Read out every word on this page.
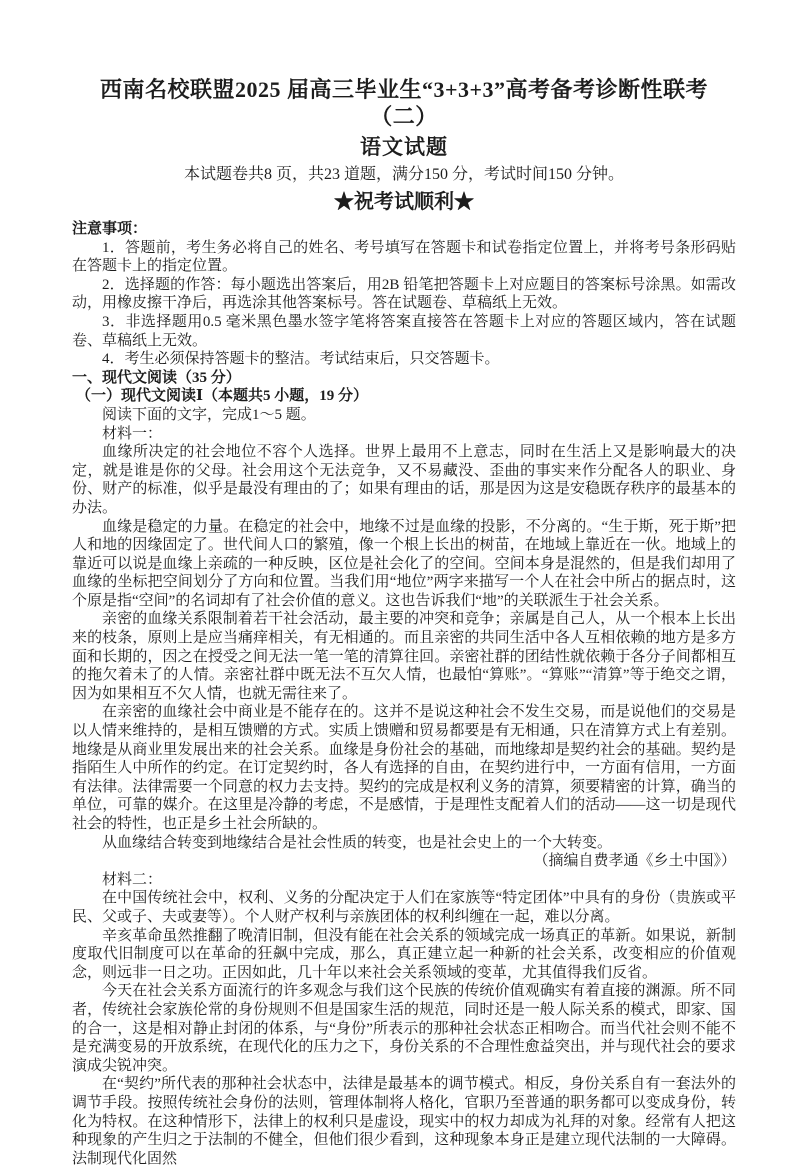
西南名校联盟2025 届高三毕业生“3+3+3”高考备考诊断性联考（二）
语文试题

本试题卷共8 页，共23 道题，满分150 分，考试时间150 分钟。

★祝考试顺利★

注意事项：

1．答题前，考生务必将自己的姓名、考号填写在答题卡和试卷指定位置上，并将考号条形码贴在答题卡上的指定位置。

2．选择题的作答：每小题选出答案后，用2B 铅笔把答题卡上对应题目的答案标号涂黑。如需改动，用橡皮擦干净后，再选涂其他答案标号。答在试题卷、草稿纸上无效。

3．非选择题用0.5 毫米黑色墨水签字笔将答案直接答在答题卡上对应的答题区域内，答在试题卷、草稿纸上无效。

4．考生必须保持答题卡的整洁。考试结束后，只交答题卡。

一、现代文阅读（35 分）

（一）现代文阅读Ⅰ（本题共5 小题，19 分）

阅读下面的文字，完成1～5 题。

材料一：

血缘所决定的社会地位不容个人选择。世界上最用不上意志，同时在生活上又是影响最大的决定，就是谁是你的父母。社会用这个无法竞争，又不易藏没、歪曲的事实来作分配各人的职业、身份、财产的标准，似乎是最没有理由的了；如果有理由的话，那是因为这是安稳既存秩序的最基本的办法。

血缘是稳定的力量。在稳定的社会中，地缘不过是血缘的投影，不分离的。“生于斯，死于斯”把人和地的因缘固定了。世代间人口的繁殖，像一个根上长出的树苗，在地域上靠近在一伙。地域上的靠近可以说是血缘上亲疏的一种反映，区位是社会化了的空间。空间本身是混然的，但是我们却用了血缘的坐标把空间划分了方向和位置。当我们用“地位”两字来描写一个人在社会中所占的据点时，这个原是指“空间”的名词却有了社会价值的意义。这也告诉我们“地”的关联派生于社会关系。

亲密的血缘关系限制着若干社会活动，最主要的冲突和竞争；亲属是自己人，从一个根本上长出来的枝条，原则上是应当痛痒相关，有无相通的。而且亲密的共同生活中各人互相依赖的地方是多方面和长期的，因之在授受之间无法一笔一笔的清算往回。亲密社群的团结性就依赖于各分子间都相互的拖欠着未了的人情。亲密社群中既无法不互欠人情，也最怕“算账”。“算账”“清算”等于绝交之谓，因为如果相互不欠人情，也就无需往来了。

在亲密的血缘社会中商业是不能存在的。这并不是说这种社会不发生交易，而是说他们的交易是以人情来维持的，是相互馈赠的方式。实质上馈赠和贸易都要是有无相通，只在清算方式上有差别。地缘是从商业里发展出来的社会关系。血缘是身份社会的基础，而地缘却是契约社会的基础。契约是指陌生人中所作的约定。在订定契约时，各人有选择的自由，在契约进行中，一方面有信用，一方面有法律。法律需要一个同意的权力去支持。契约的完成是权利义务的清算，须要精密的计算，确当的单位，可靠的媒介。在这里是冷静的考虑，不是感情，于是理性支配着人们的活动——这一切是现代社会的特性，也正是乡土社会所缺的。

从血缘结合转变到地缘结合是社会性质的转变，也是社会史上的一个大转变。

（摘编自费孝通《乡土中国》）

材料二：

在中国传统社会中，权利、义务的分配决定于人们在家族等“特定团体”中具有的身份（贵族或平民、父或子、夫或妻等）。个人财产权利与亲族团体的权利纠缠在一起，难以分离。

辛亥革命虽然推翻了晚清旧制，但没有能在社会关系的领域完成一场真正的革新。如果说，新制度取代旧制度可以在革命的狂飙中完成，那么，真正建立起一种新的社会关系，改变相应的价值观念，则远非一日之功。正因如此，几十年以来社会关系领域的变革，尤其值得我们反省。

今天在社会关系方面流行的许多观念与我们这个民族的传统价值观确实有着直接的渊源。所不同者，传统社会家族伦常的身份规则不但是国家生活的规范，同时还是一般人际关系的模式，即家、国的合一，这是相对静止封闭的体系，与“身份”所表示的那种社会状态正相吻合。而当代社会则不能不是充满变易的开放系统，在现代化的压力之下，身份关系的不合理性愈益突出，并与现代社会的要求演成尖锐冲突。

在“契约”所代表的那种社会状态中，法律是最基本的调节模式。相反，身份关系自有一套法外的调节手段。按照传统社会身份的法则，管理体制将人格化，官职乃至普通的职务都可以变成身份，转化为特权。在这种情形下，法律上的权利只是虚设，现实中的权力却成为礼拜的对象。经常有人把这种现象的产生归之于法制的不健全，但他们很少看到，这种现象本身正是建立现代法制的一大障碍。法制现代化固然
